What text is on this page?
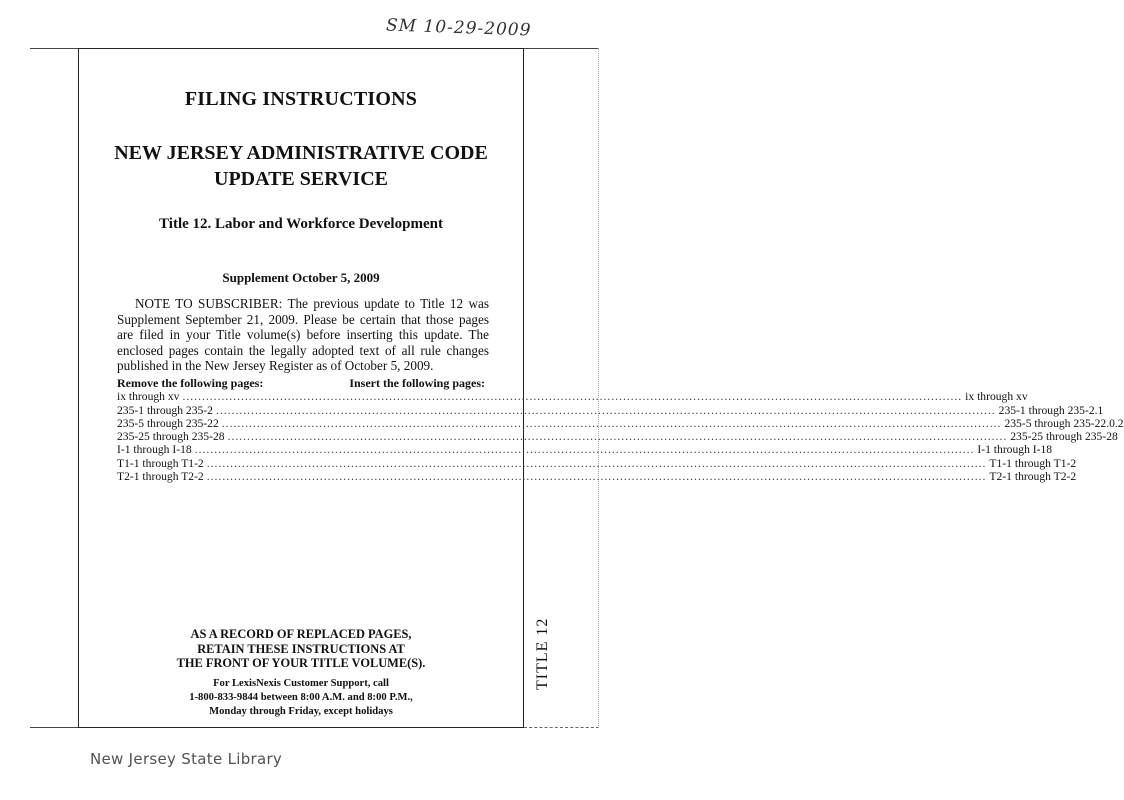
SM 10-29-2009
FILING INSTRUCTIONS
NEW JERSEY ADMINISTRATIVE CODE UPDATE SERVICE
Title 12. Labor and Workforce Development
Supplement October 5, 2009
NOTE TO SUBSCRIBER: The previous update to Title 12 was Supplement September 21, 2009. Please be certain that those pages are filed in your Title volume(s) before inserting this update. The enclosed pages contain the legally adopted text of all rule changes published in the New Jersey Register as of October 5, 2009.
Remove the following pages:	Insert the following pages:
ix through xv ........................................................................................................................................................................................................ ix through xv
235-1 through 235-2 ........................................................................................................................................................................................................ 235-1 through 235-2.1
235-5 through 235-22 ........................................................................................................................................................................................................ 235-5 through 235-22.0.2
235-25 through 235-28 ........................................................................................................................................................................................................ 235-25 through 235-28
I-1 through I-18 ........................................................................................................................................................................................................ I-1 through I-18
T1-1 through T1-2 ........................................................................................................................................................................................................ T1-1 through T1-2
T2-1 through T2-2 ........................................................................................................................................................................................................ T2-1 through T2-2
AS A RECORD OF REPLACED PAGES,
RETAIN THESE INSTRUCTIONS AT
THE FRONT OF YOUR TITLE VOLUME(S).
For LexisNexis Customer Support, call
1-800-833-9844 between 8:00 A.M. and 8:00 P.M.,
Monday through Friday, except holidays
TITLE 12
New Jersey State Library
